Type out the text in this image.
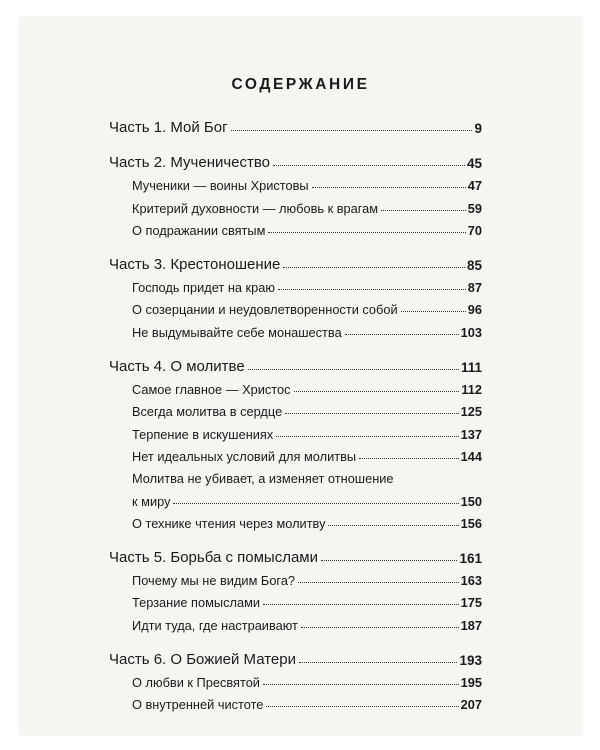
СОДЕРЖАНИЕ
Часть 1. Мой Бог	9
Часть 2. Мученичество	45
Мученики — воины Христовы	47
Критерий духовности — любовь к врагам	59
О подражании святым	70
Часть 3. Крестоношение	85
Господь придет на краю	87
О созерцании и неудовлетворенности собой	96
Не выдумывайте себе монашества	103
Часть 4. О молитве	111
Самое главное — Христос	112
Всегда молитва в сердце	125
Терпение в искушениях	137
Нет идеальных условий для молитвы	144
Молитва не убивает, а изменяет отношение
к миру	150
О технике чтения через молитву	156
Часть 5. Борьба с помыслами	161
Почему мы не видим Бога?	163
Терзание помыслами	175
Идти туда, где настраивают	187
Часть 6. О Божией Матери	193
О любви к Пресвятой	195
О внутренней чистоте	207
